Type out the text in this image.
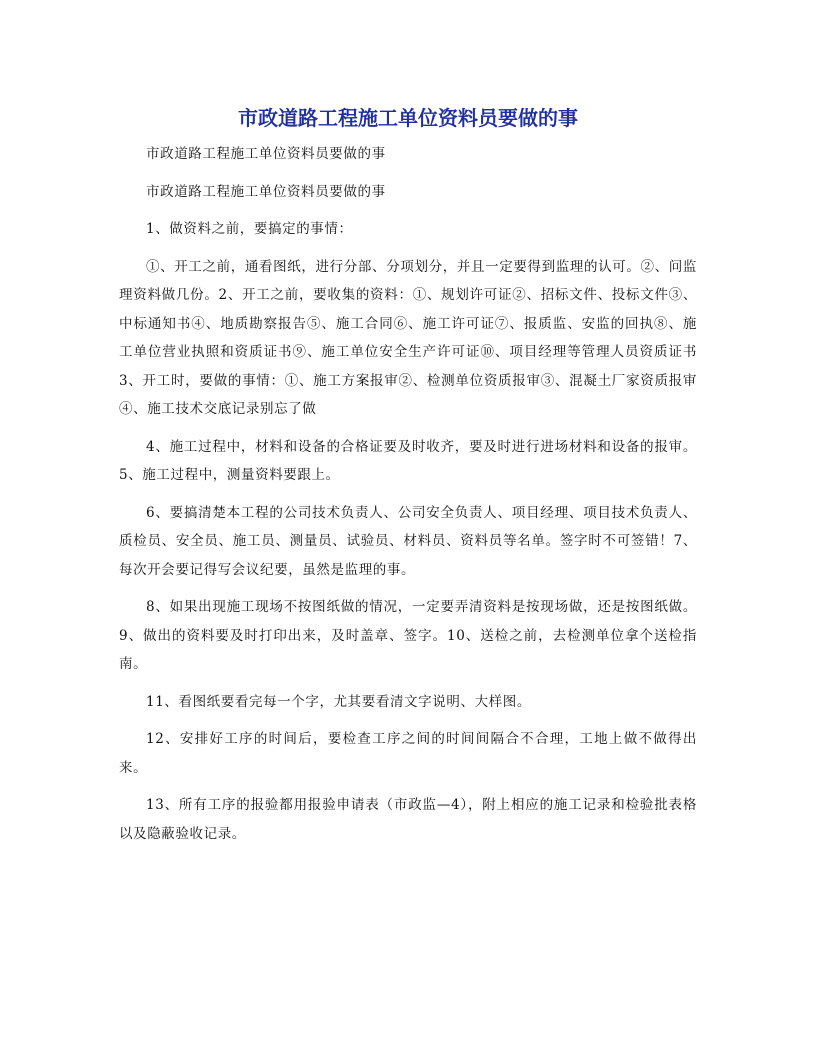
市政道路工程施工单位资料员要做的事

市政道路工程施工单位资料员要做的事

市政道路工程施工单位资料员要做的事

1、做资料之前，要搞定的事情：

①、开工之前，通看图纸，进行分部、分项划分，并且一定要得到监理的认可。②、问监理资料做几份。2、开工之前，要收集的资料：①、规划许可证②、招标文件、投标文件③、中标通知书④、地质勘察报告⑤、施工合同⑥、施工许可证⑦、报质监、安监的回执⑧、施工单位营业执照和资质证书⑨、施工单位安全生产许可证⑩、项目经理等管理人员资质证书3、开工时，要做的事情：①、施工方案报审②、检测单位资质报审③、混凝土厂家资质报审④、施工技术交底记录别忘了做

4、施工过程中，材料和设备的合格证要及时收齐，要及时进行进场材料和设备的报审。5、施工过程中，测量资料要跟上。

6、要搞清楚本工程的公司技术负责人、公司安全负责人、项目经理、项目技术负责人、质检员、安全员、施工员、测量员、试验员、材料员、资料员等名单。签字时不可签错！7、每次开会要记得写会议纪要，虽然是监理的事。

8、如果出现施工现场不按图纸做的情况，一定要弄清资料是按现场做，还是按图纸做。9、做出的资料要及时打印出来，及时盖章、签字。10、送检之前，去检测单位拿个送检指南。

11、看图纸要看完每一个字，尤其要看清文字说明、大样图。

12、安排好工序的时间后，要检查工序之间的时间间隔合不合理，工地上做不做得出来。

13、所有工序的报验都用报验申请表（市政监—4），附上相应的施工记录和检验批表格以及隐蔽验收记录。
